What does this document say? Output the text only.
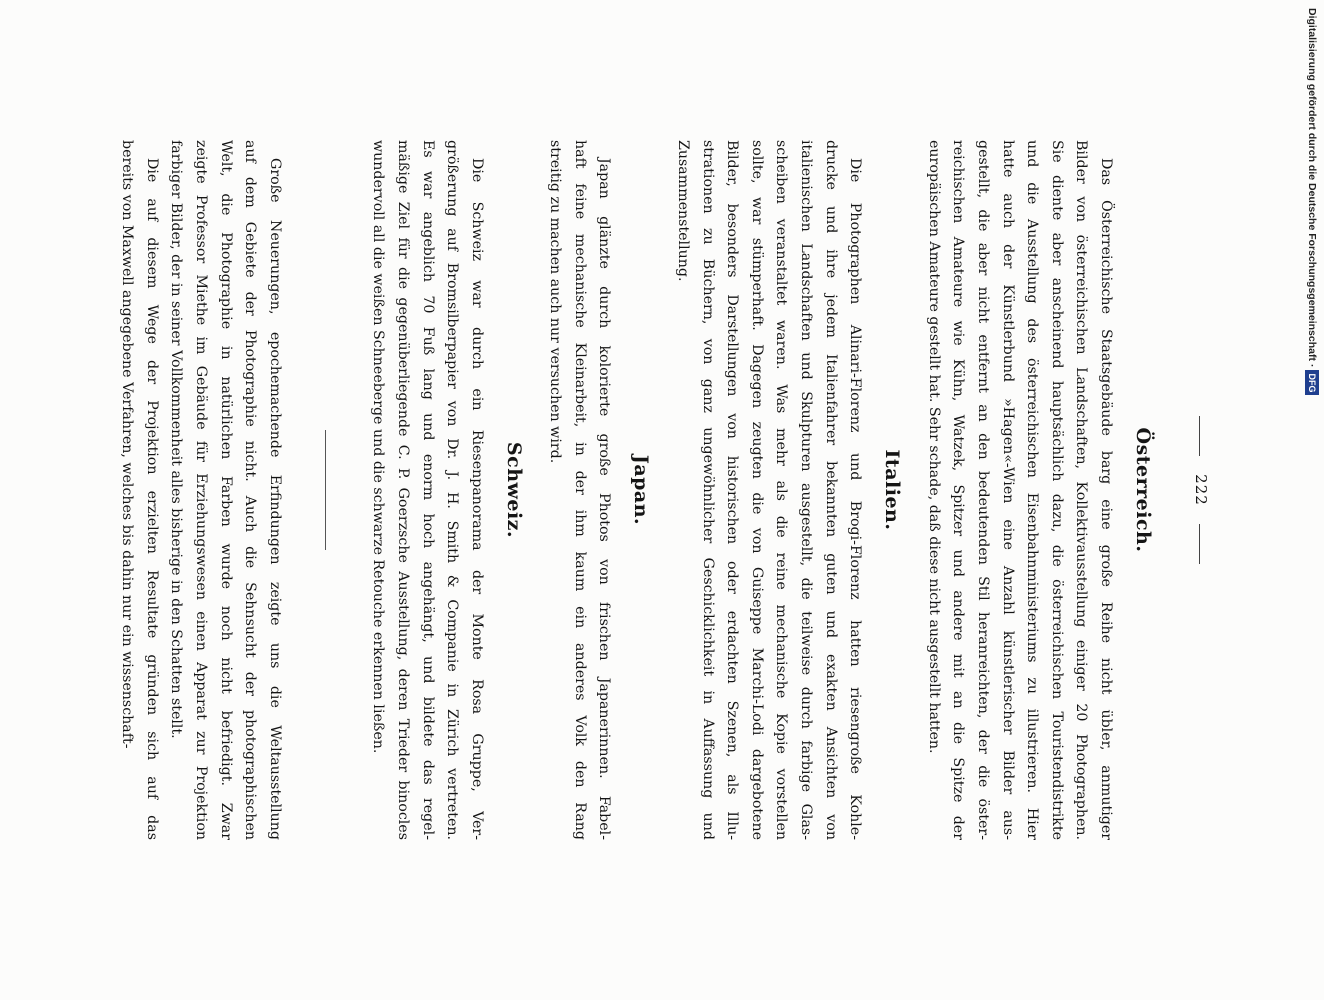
222
Österreich.

Das Österreichische Staatsgebäude barg eine große Reihe nicht übler, anmutiger
Bilder von österreichischen Landschaften, Kollektivausstellung einiger 20 Photographen.
Sie diente aber anscheinend hauptsächlich dazu, die österreichischen Touristendistrikte
und die Ausstellung des österreichischen Eisenbahnministeriums zu illustrieren. Hier
hatte auch der Künstlerbund »Hagen«-Wien eine Anzahl künstlerischer Bilder aus-
gestellt, die aber nicht entfernt an den bedeutenden Stil heranreichten, der die öster-
reichischen Amateure wie Kühn, Watzek, Spitzer und andere mit an die Spitze der
europäischen Amateure gestellt hat. Sehr schade, daß diese nicht ausgestellt hatten.

Italien.

Die Photographen Alinari-Florenz und Brogi-Florenz hatten riesengroße Kohle-
drucke und ihre jedem Italienfahrer bekannten guten und exakten Ansichten von
italienischen Landschaften und Skulpturen ausgestellt, die teilweise durch farbige Glas-
scheiben veranstaltet waren. Was mehr als die reine mechanische Kopie vorstellen
sollte, war stümperhaft. Dagegen zeugten die von Guiseppe Marchi-Lodi dargebotene
Bilder, besonders Darstellungen von historischen oder erdachten Szenen, als Illu-
strationen zu Büchern, von ganz ungewöhnlicher Geschicklichkeit in Auffassung und
Zusammenstellung.

Japan.

Japan glänzte durch kolorierte große Photos von frischen Japanerinnen. Fabel-
haft feine mechanische Kleinarbeit, in der ihm kaum ein anderes Volk den Rang
streitig zu machen auch nur versuchen wird.

Schweiz.

Die Schweiz war durch ein Riesenpanorama der Monte Rosa Gruppe, Ver-
größerung auf Bromsilberpapier von Dr. J. H. Smith & Companie in Zürich vertreten.
Es war angeblich 70 Fuß lang und enorm hoch angehängt, und bildete das regel-
mäßige Ziel für die gegenüberliegende C. P. Goerzsche Ausstellung, deren Trieder binocles
wundervoll all die weißen Schneeberge und die schwarze Retouche erkennen ließen.

Große Neuerungen, epochemachende Erfindungen zeigte uns die Weltausstellung
auf dem Gebiete der Photographie nicht. Auch die Sehnsucht der photographischen
Welt, die Photographie in natürlichen Farben wurde noch nicht befriedigt. Zwar
zeigte Professor Miethe im Gebäude für Erziehungswesen einen Apparat zur Projektion
farbiger Bilder, der in seiner Vollkommenheit alles bisherige in den Schatten stellt.

Die auf diesem Wege der Projektion erzielten Resultate gründen sich auf das
bereits von Maxwell angegebene Verfahren, welches bis dahin nur ein wissenschaft-	Digitalisierung gefördert durch die Deutsche Forschungsgemeinschaft
·
DFG
